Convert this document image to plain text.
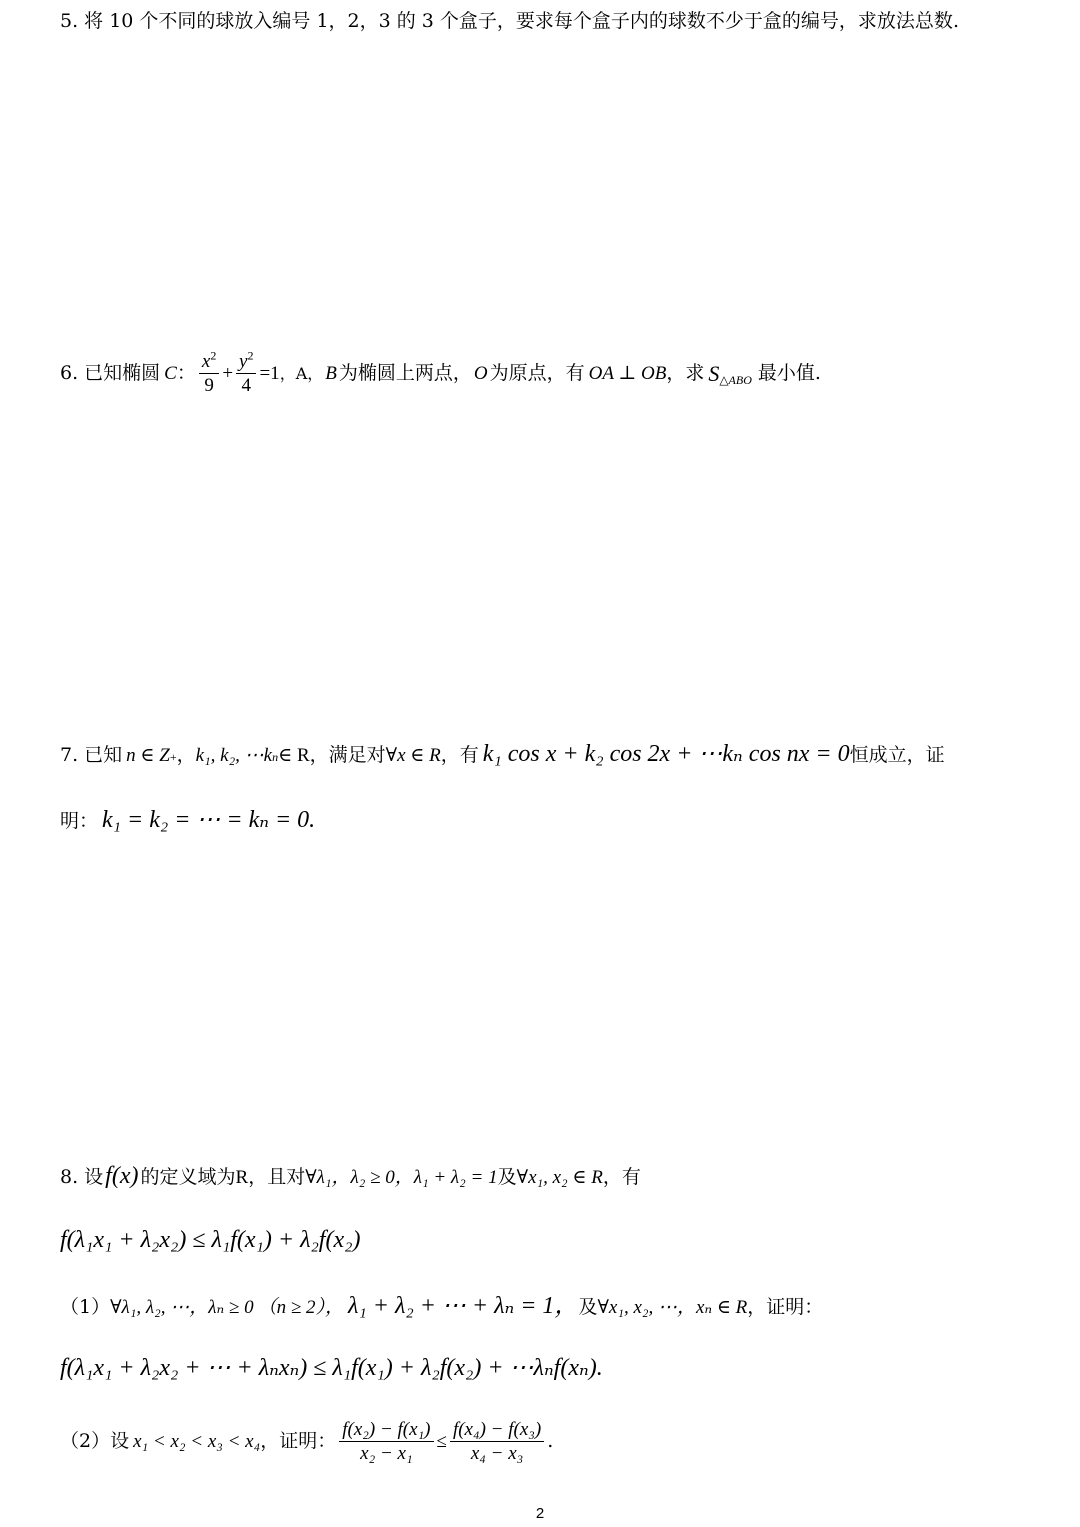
5. 将 10 个不同的球放入编号 1，2，3 的 3 个盒子，要求每个盒子内的球数不少于盒的编号，求放法总数.
6. 已知椭圆 C ： $\frac{x^2}{9} + \frac{y^2}{4} =1$ ，A， B 为椭圆上两点， O 为原点，有 OA ⊥ OB ，求 $S_{\triangle ABO}$ 最小值.
7. 已知 n ∈ Z + ， k₁, k₂, ⋯k n ∈ R ，满足对 ∀x ∈ R ，有 k₁ cos x + k₂ cos 2x + ⋯kₙ cos nx = 0 恒成立，证
明： k₁ = k₂ = ⋯ = kₙ = 0.
8. 设 f(x) 的定义域为 R ，且对 ∀λ₁， λ₂ ≥ 0， λ₁ + λ₂ = 1 及 ∀x₁, x₂ ∈ R ，有
f(λ₁x₁ + λ₂x₂) ≤ λ₁f(x₁) + λ₂f(x₂)
（1） ∀λ₁, λ₂, ⋯，λₙ ≥ 0 （n ≥ 2）， λ₁ + λ₂ + ⋯ + λₙ = 1， 及 ∀x₁, x₂, ⋯，xₙ ∈ R ，证明：
f(λ₁x₁ + λ₂x₂ + ⋯ + λₙxₙ) ≤ λ₁f(x₁) + λ₂f(x₂) + ⋯λₙf(xₙ).
（2）设 x₁ < x₂ < x₃ < x₄ ，证明： $\frac{\text{f(x₂) − f(x₁)}}{\text{x₂ − x₁}} \le \frac{\text{f(x₄) − f(x₃)}}{\text{x₄ − x₃}}$ .
2
